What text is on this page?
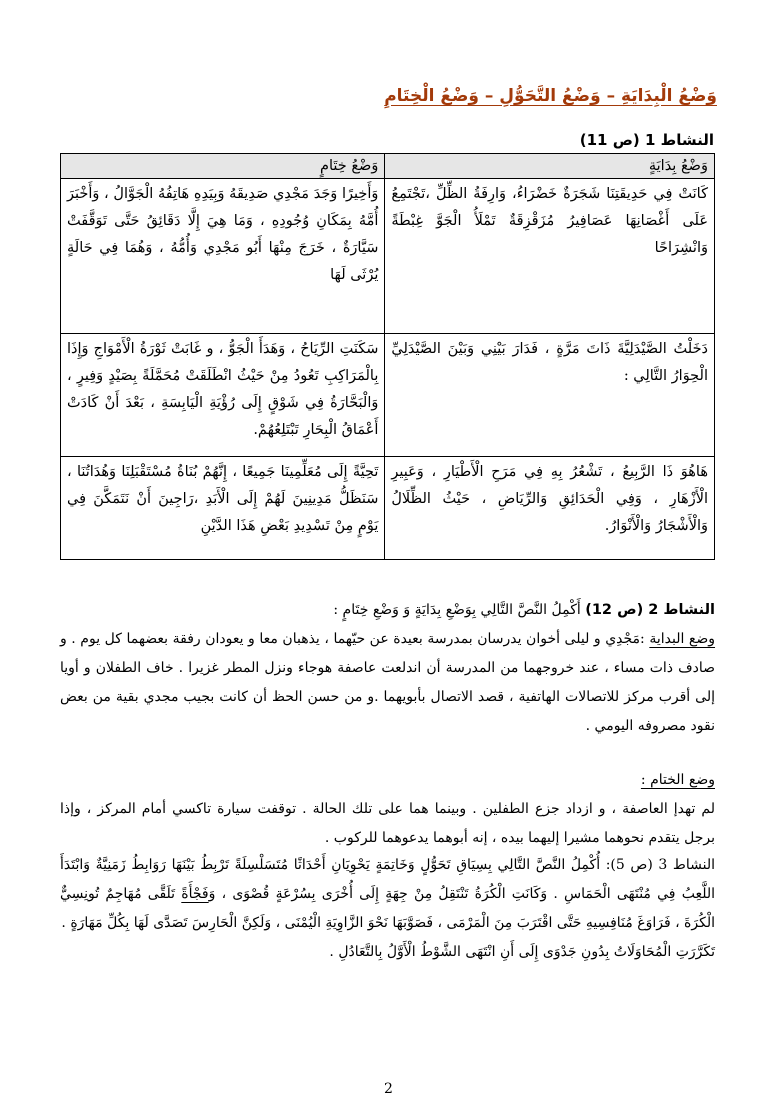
وَضْعُ الْبِدَايَةِ – وَضْعُ التَّحَوُّلِ – وَضْعُ الْخِتَامِ
النشاط 1 (ص 11)
وَضْعُ بِدَايَةٍ	وَضْعُ خِتَامٍ
كَانَتْ فِي حَدِيقَتِنَا شَجَرَةٌ خَضْرَاءُ، وَارِفَةُ الظِّلِّ ،تَجْتَمِعُ عَلَى أَغْصَانِهَا عَصَافِيرُ مُزَقْزِقَةٌ تَمْلَأُ الْجَوَّ غِبْطَةً وَانْشِرَاحًا	وَأَخِيرًا وَجَدَ مَجْدِي صَدِيقَهُ وَبِيَدِهِ هَاتِفُهُ الْجَوَّالُ ، وَأَخْبَرَ أُمَّهُ بِمَكَانِ وُجُودِهِ ، وَمَا هِيَ إِلَّا دَقَائِقُ حَتَّى تَوَقَّفَتْ سَيَّارَةٌ ، خَرَجَ مِنْهَا أَبُو مَجْدِي وَأُمُّهُ ، وَهُمَا فِي حَالَةٍ يُرْثَى لَهَا
دَخَلْتُ الصَّيْدَلِيَّةَ ذَاتَ مَرَّةٍ ، فَدَارَ بَيْنِي وَبَيْنَ الصَّيْدَلِيِّ الْحِوَارُ التَّالِي :	سَكَنَتِ الرِّيَاحُ ، وَهَدَأَ الْجَوُّ ، و غَابَتْ ثَوْرَةُ الْأَمْوَاجِ وَإِذَا بِالْمَرَاكِبِ تَعُودُ مِنْ حَيْثُ انْطَلَقَتْ مُحَمَّلَةً بِصَيْدٍ وَفِيرٍ ، وَالْبَحَّارَةُ فِي شَوْقٍ إِلَى رُؤْيَةِ الْيَابِسَةِ ، بَعْدَ أَنْ كَادَتْ أَعْمَاقُ الْبِحَارِ تَبْتَلِعُهُمْ.
هَاهُوَ ذَا الرَّبِيعُ ، تَشْعُرُ بِهِ فِي مَرَحِ الْأَطْيَارِ ، وَعَبِيرِ الْأَزْهَارِ ، وَفِي الْحَدَائِقِ وَالرِّيَاضِ ، حَيْثُ الظِّلَالُ وَالْأَشْجَارُ وَالْأَنْوَارُ.	تَحِيَّةً إِلَى مُعَلِّمِينَا جَمِيعًا ، إِنَّهُمْ بُنَاةُ مُسْتَقْبَلِنَا وَهُدَاتُنَا ، سَنَظَلُّ مَدِينِينَ لَهُمْ إِلَى الْأَبَدِ ،رَاجِينَ أَنْ نَتَمَكَّنَ فِي يَوْمٍ مِنْ تَسْدِيدِ بَعْضِ هَذَا الدَّيْنِ
النشاط 2 (ص 12) أَكْمِلُ النَّصَّ التَّالِي بِوَضْعِ بِدَايَةٍ وَ وَضْعِ خِتَامٍ :
وضع البداية :مَجْدِي و ليلى أخوان يدرسان بمدرسة بعيدة عن حيّهما ، يذهبان معا و يعودان رفقة بعضهما كل يوم . و صادف ذات مساء ، عند خروجهما من المدرسة أن اندلعت عاصفة هوجاء ونزل المطر غزيرا . خاف الطفلان و أويا إلى أقرب مركز للاتصالات الهاتفية ، قصد الاتصال بأبويهما .و من حسن الحظ أن كانت بجيب مجدي بقية من بعض نقود مصروفه اليومي .
وضع الختام :
لم تهدإ العاصفة ، و ازداد جزع الطفلين . وبينما هما على تلك الحالة . توقفت سيارة تاكسي أمام المركز ، وإذا برجل يتقدم نحوهما مشيرا إليهما بيده ، إنه أبوهما يدعوهما للركوب .
النشاط 3 (ص 5): أُكْمِلُ النَّصَّ التَّالِي بِسِيَاقِ تَحَوُّلٍ وَخَاتِمَةٍ يَحْوِيَانِ أَحْدَاثًا مُتَسَلْسِلَةً تَرْبِطُ بَيْنَهَا رَوَابِطُ زَمَنِيَّةٌ وَابْتَدَأَ اللَّعِبُ فِي مُنْتَهَى الْحَمَاسِ . وَكَانَتِ الْكُرَةُ تَنْتَقِلُ مِنْ جِهَةٍ إِلَى أُخْرَى بِسُرْعَةٍ قُصْوَى ، وَفَجْأَةً تَلَقَّى مُهَاجِمٌ تُونِسِيٌّ الْكُرَةَ ، فَرَاوَغَ مُنَافِسِيهِ حَتَّى اقْتَرَبَ مِنَ الْمَرْمَى ، فَصَوَّبَهَا نَحْوَ الزَّاوِيَةِ الْيُمْنَى ، وَلَكِنَّ الْحَارِسَ تَصَدَّى لَهَا بِكُلِّ مَهَارَةٍ .
تَكَرَّرَتِ الْمُحَاوَلَاتُ بِدُونِ جَدْوَى إِلَى أَنِ انْتَهَى الشَّوْطُ الْأَوَّلُ بِالتَّعَادُلِ .
2
